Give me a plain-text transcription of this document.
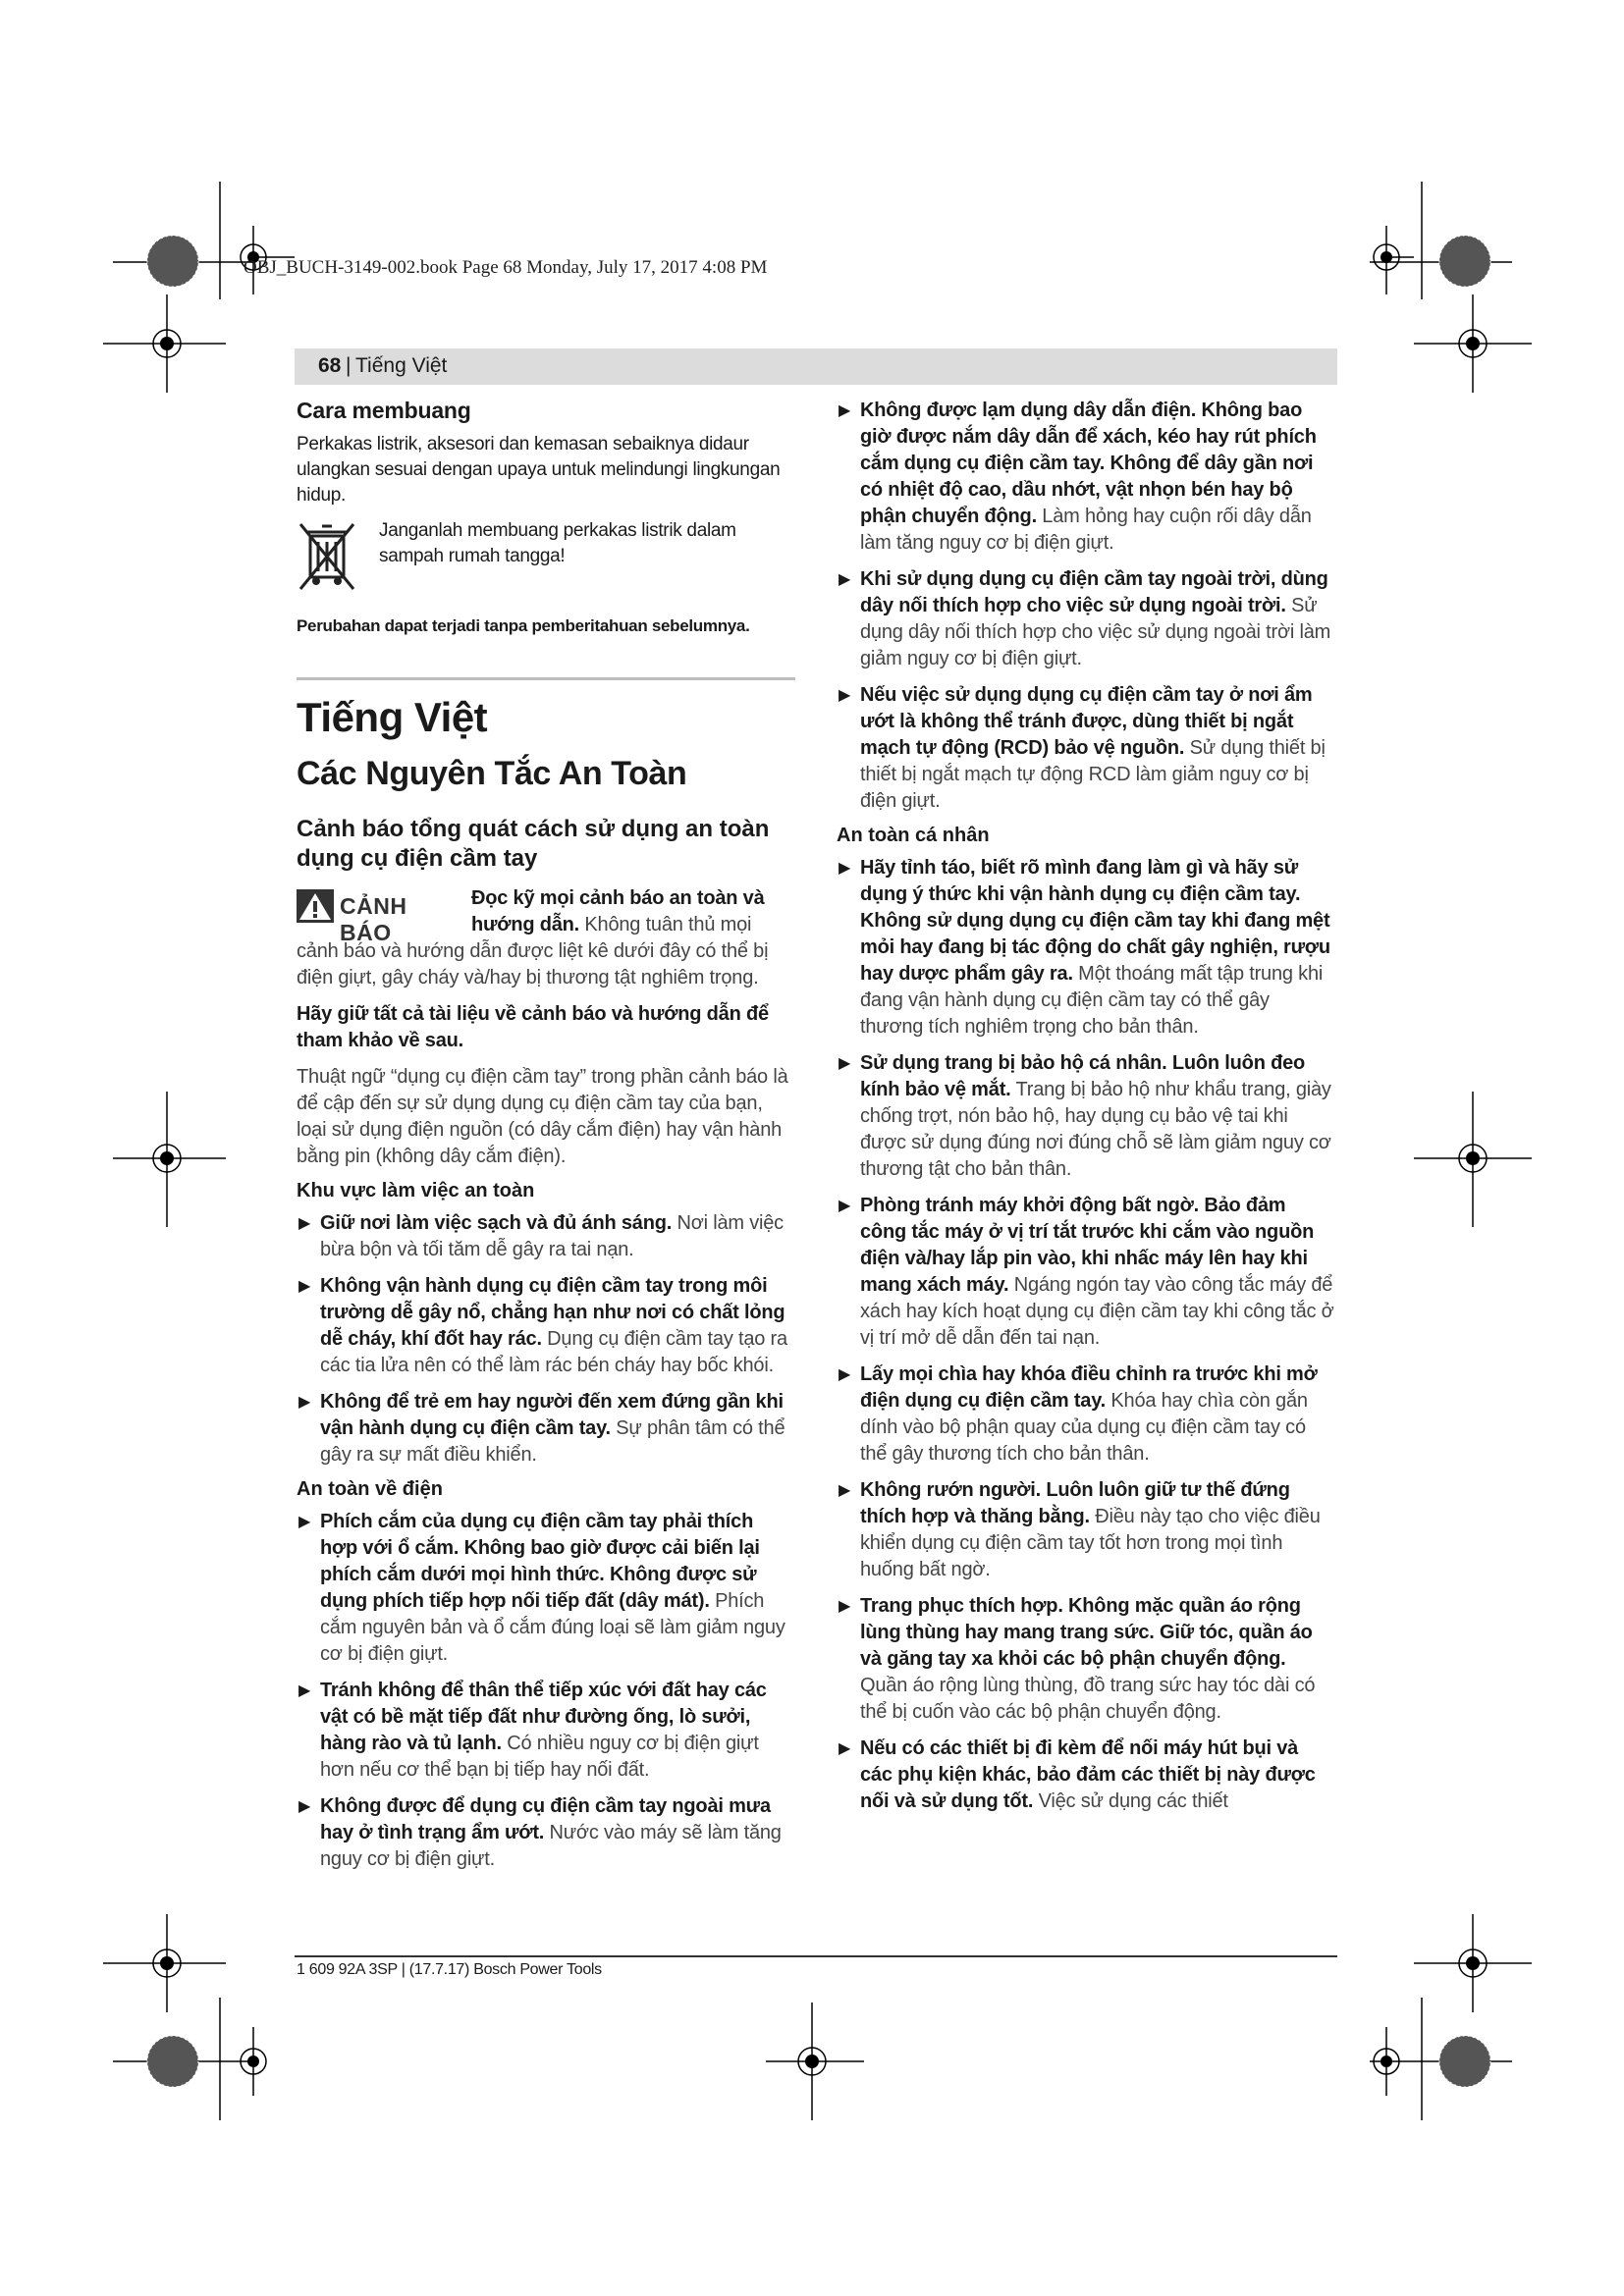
OBJ_BUCH-3149-002.book Page 68 Monday, July 17, 2017 4:08 PM
68 | Tiếng Việt
Cara membuang
Perkakas listrik, aksesori dan kemasan sebaiknya didaur ulangkan sesuai dengan upaya untuk melindungi lingkungan hidup.
Janganlah membuang perkakas listrik dalam sampah rumah tangga!
Perubahan dapat terjadi tanpa pemberitahuan sebelumnya.
Tiếng Việt
Các Nguyên Tắc An Toàn
Cảnh báo tổng quát cách sử dụng an toàn dụng cụ điện cầm tay
CẢNH BÁO
Đọc kỹ mọi cảnh báo an toàn và hướng dẫn. Không tuân thủ mọi cảnh báo và hướng dẫn được liệt kê dưới đây có thể bị điện giựt, gây cháy và/hay bị thương tật nghiêm trọng.
Hãy giữ tất cả tài liệu về cảnh báo và hướng dẫn để tham khảo về sau.
Thuật ngữ “dụng cụ điện cầm tay” trong phần cảnh báo là để cập đến sự sử dụng dụng cụ điện cầm tay của bạn, loại sử dụng điện nguồn (có dây cắm điện) hay vận hành bằng pin (không dây cắm điện).
Khu vực làm việc an toàn
▶ Giữ nơi làm việc sạch và đủ ánh sáng. Nơi làm việc bừa bộn và tối tăm dễ gây ra tai nạn.
▶ Không vận hành dụng cụ điện cầm tay trong môi trường dễ gây nổ, chẳng hạn như nơi có chất lỏng dễ cháy, khí đốt hay rác. Dụng cụ điện cầm tay tạo ra các tia lửa nên có thể làm rác bén cháy hay bốc khói.
▶ Không để trẻ em hay người đến xem đứng gần khi vận hành dụng cụ điện cầm tay. Sự phân tâm có thể gây ra sự mất điều khiển.
An toàn về điện
▶ Phích cắm của dụng cụ điện cầm tay phải thích hợp với ổ cắm. Không bao giờ được cải biến lại phích cắm dưới mọi hình thức. Không được sử dụng phích tiếp hợp nối tiếp đất (dây mát). Phích cắm nguyên bản và ổ cắm đúng loại sẽ làm giảm nguy cơ bị điện giựt.
▶ Tránh không để thân thể tiếp xúc với đất hay các vật có bề mặt tiếp đất như đường ống, lò sưởi, hàng rào và tủ lạnh. Có nhiều nguy cơ bị điện giựt hơn nếu cơ thể bạn bị tiếp hay nối đất.
▶ Không được để dụng cụ điện cầm tay ngoài mưa hay ở tình trạng ẩm ướt. Nước vào máy sẽ làm tăng nguy cơ bị điện giựt.
▶ Không được lạm dụng dây dẫn điện. Không bao giờ được nắm dây dẫn để xách, kéo hay rút phích cắm dụng cụ điện cầm tay. Không để dây gần nơi có nhiệt độ cao, dầu nhớt, vật nhọn bén hay bộ phận chuyển động. Làm hỏng hay cuộn rối dây dẫn làm tăng nguy cơ bị điện giựt.
▶ Khi sử dụng dụng cụ điện cầm tay ngoài trời, dùng dây nối thích hợp cho việc sử dụng ngoài trời. Sử dụng dây nối thích hợp cho việc sử dụng ngoài trời làm giảm nguy cơ bị điện giựt.
▶ Nếu việc sử dụng dụng cụ điện cầm tay ở nơi ẩm ướt là không thể tránh được, dùng thiết bị ngắt mạch tự động (RCD) bảo vệ nguồn. Sử dụng thiết bị thiết bị ngắt mạch tự động RCD làm giảm nguy cơ bị điện giựt.
An toàn cá nhân
▶ Hãy tỉnh táo, biết rõ mình đang làm gì và hãy sử dụng ý thức khi vận hành dụng cụ điện cầm tay. Không sử dụng dụng cụ điện cầm tay khi đang mệt mỏi hay đang bị tác động do chất gây nghiện, rượu hay dược phẩm gây ra. Một thoáng mất tập trung khi đang vận hành dụng cụ điện cầm tay có thể gây thương tích nghiêm trọng cho bản thân.
▶ Sử dụng trang bị bảo hộ cá nhân. Luôn luôn đeo kính bảo vệ mắt. Trang bị bảo hộ như khẩu trang, giày chống trợt, nón bảo hộ, hay dụng cụ bảo vệ tai khi được sử dụng đúng nơi đúng chỗ sẽ làm giảm nguy cơ thương tật cho bản thân.
▶ Phòng tránh máy khởi động bất ngờ. Bảo đảm công tắc máy ở vị trí tắt trước khi cắm vào nguồn điện và/hay lắp pin vào, khi nhấc máy lên hay khi mang xách máy. Ngáng ngón tay vào công tắc máy để xách hay kích hoạt dụng cụ điện cầm tay khi công tắc ở vị trí mở dễ dẫn đến tai nạn.
▶ Lấy mọi chìa hay khóa điều chỉnh ra trước khi mở điện dụng cụ điện cầm tay. Khóa hay chìa còn gắn dính vào bộ phận quay của dụng cụ điện cầm tay có thể gây thương tích cho bản thân.
▶ Không rướn người. Luôn luôn giữ tư thế đứng thích hợp và thăng bằng. Điều này tạo cho việc điều khiển dụng cụ điện cầm tay tốt hơn trong mọi tình huống bất ngờ.
▶ Trang phục thích hợp. Không mặc quần áo rộng lùng thùng hay mang trang sức. Giữ tóc, quần áo và găng tay xa khỏi các bộ phận chuyển động. Quần áo rộng lùng thùng, đồ trang sức hay tóc dài có thể bị cuốn vào các bộ phận chuyển động.
▶ Nếu có các thiết bị đi kèm để nối máy hút bụi và các phụ kiện khác, bảo đảm các thiết bị này được nối và sử dụng tốt. Việc sử dụng các thiết
1 609 92A 3SP | (17.7.17) Bosch Power Tools
